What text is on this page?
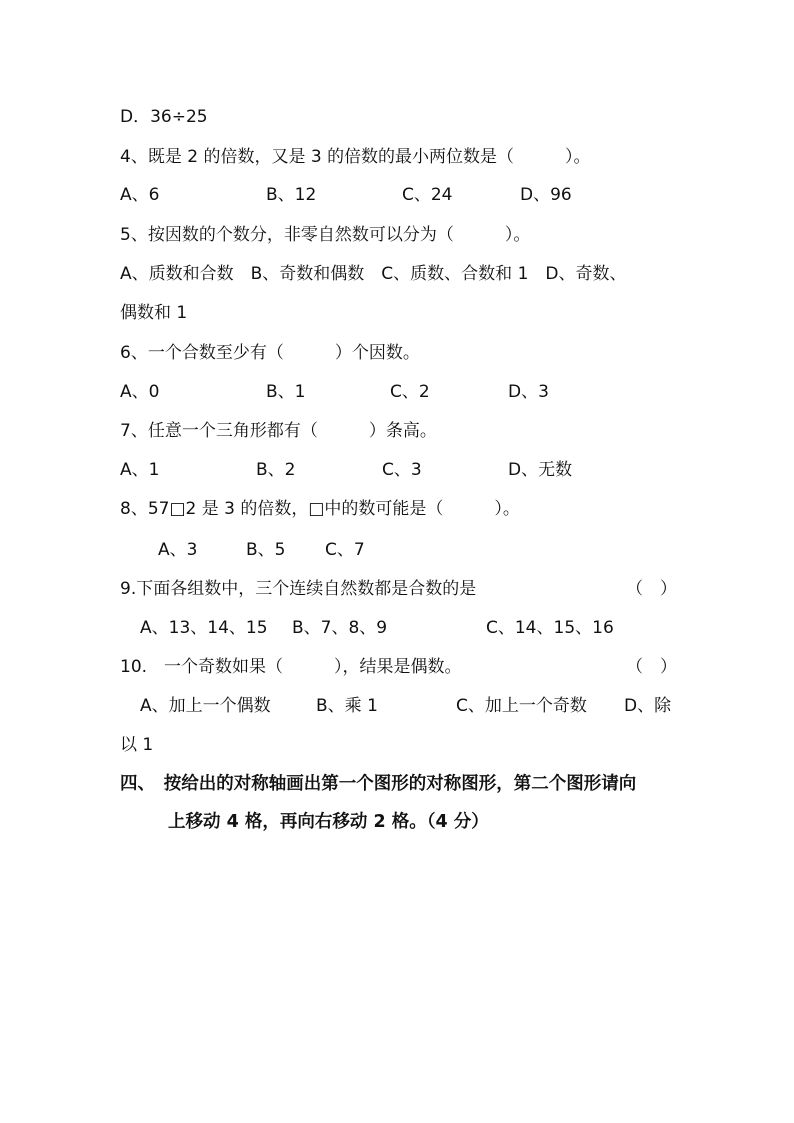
D．36÷25
4、既是 2 的倍数，又是 3 的倍数的最小两位数是（　　　）。
A、6	B、12	C、24	D、96
5、按因数的个数分，非零自然数可以分为（　　　）。
A、质数和合数　B、奇数和偶数　C、质数、合数和 1　D、奇数、
偶数和 1
6、一个合数至少有（　　　）个因数。
A、0	B、1	C、2	D、3
7、任意一个三角形都有（　　　）条高。
A、1	B、2	C、3	D、无数
8、57□2 是 3 的倍数，□中的数可能是（　　　）。
A、3	B、5 C、7
9.下面各组数中，三个连续自然数都是合数的是	（　）
A、13、14、15 B、7、8、9	C、14、15、16
10.　一个奇数如果（　　　），结果是偶数。	（　）
A、加上一个偶数	B、乘 1	C、加上一个奇数 D、除
以 1
四、　按给出的对称轴画出第一个图形的对称图形，第二个图形请向
上移动 4 格，再向右移动 2 格。（4 分）
